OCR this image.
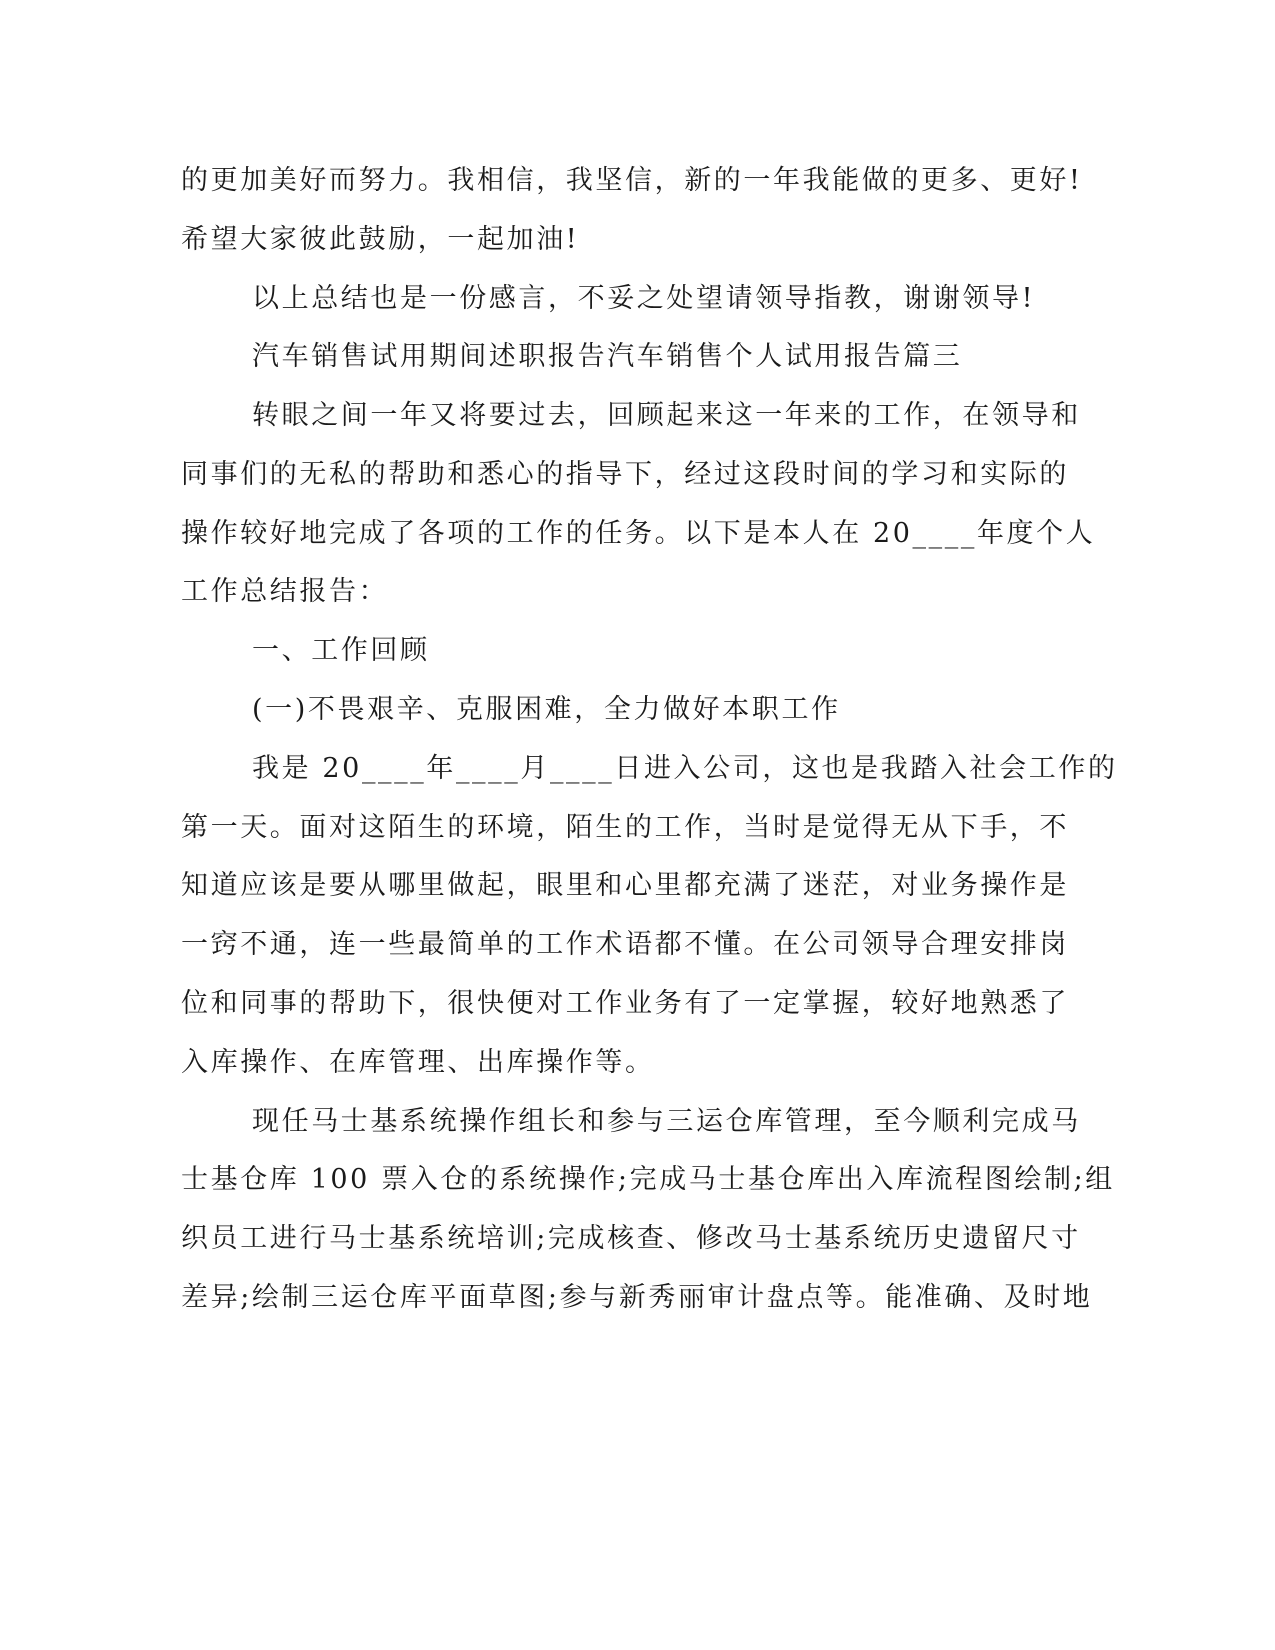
的更加美好而努力。我相信，我坚信，新的一年我能做的更多、更好!
希望大家彼此鼓励，一起加油!
以上总结也是一份感言，不妥之处望请领导指教，谢谢领导!
汽车销售试用期间述职报告汽车销售个人试用报告篇三
转眼之间一年又将要过去，回顾起来这一年来的工作，在领导和
同事们的无私的帮助和悉心的指导下，经过这段时间的学习和实际的
操作较好地完成了各项的工作的任务。以下是本人在 20____年度个人
工作总结报告：
一、工作回顾
(一)不畏艰辛、克服困难，全力做好本职工作
我是 20____年____月____日进入公司，这也是我踏入社会工作的
第一天。面对这陌生的环境，陌生的工作，当时是觉得无从下手，不
知道应该是要从哪里做起，眼里和心里都充满了迷茫，对业务操作是
一窍不通，连一些最简单的工作术语都不懂。在公司领导合理安排岗
位和同事的帮助下，很快便对工作业务有了一定掌握，较好地熟悉了
入库操作、在库管理、出库操作等。
现任马士基系统操作组长和参与三运仓库管理，至今顺利完成马
士基仓库 100 票入仓的系统操作;完成马士基仓库出入库流程图绘制;组
织员工进行马士基系统培训;完成核查、修改马士基系统历史遗留尺寸
差异;绘制三运仓库平面草图;参与新秀丽审计盘点等。能准确、及时地
